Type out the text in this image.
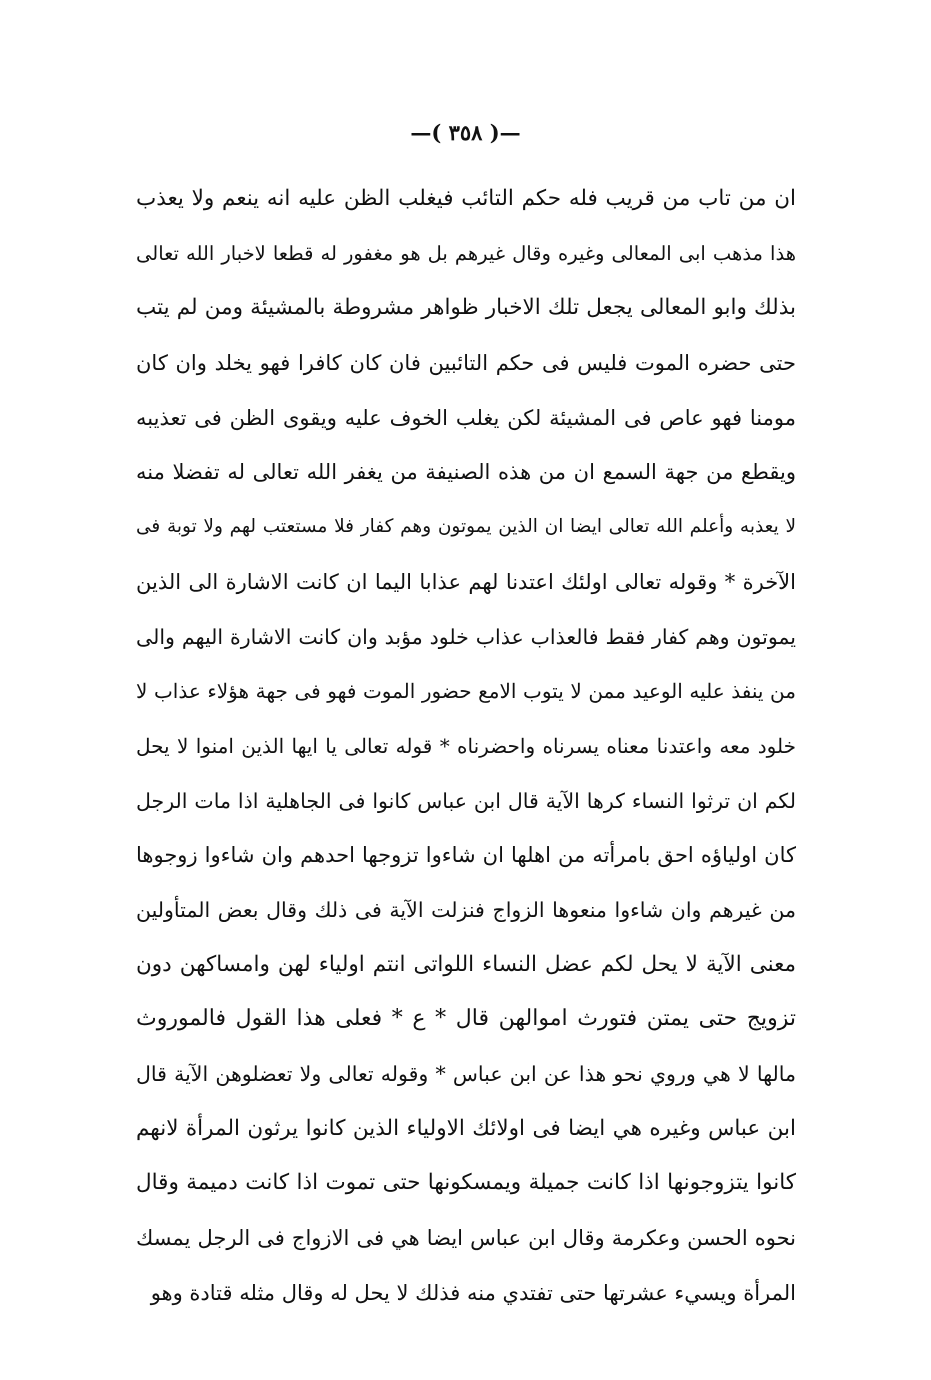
—( ٣٥٨ )—
ان من تاب من قريب فله حكم التائب فيغلب الظن عليه انه ينعم ولا يعذب
هذا مذهب ابى المعالى وغيره وقال غيرهم بل هو مغفور له قطعا لاخبار الله تعالى
بذلك وابو المعالى يجعل تلك الاخبار ظواهر مشروطة بالمشيئة ومن لم يتب
حتى حضره الموت فليس فى حكم التائبين فان كان كافرا فهو يخلد وان كان
مومنا فهو عاص فى المشيئة لكن يغلب الخوف عليه ويقوى الظن فى تعذيبه
ويقطع من جهة السمع ان من هذه الصنيفة من يغفر الله تعالى له تفضلا منه
لا يعذبه وأعلم الله تعالى ايضا ان الذين يموتون وهم كفار فلا مستعتب لهم ولا توبة فى
الآخرة * وقوله تعالى اولئك اعتدنا لهم عذابا اليما ان كانت الاشارة الى الذين
يموتون وهم كفار فقط فالعذاب عذاب خلود مؤبد وان كانت الاشارة اليهم والى
من ينفذ عليه الوعيد ممن لا يتوب الامع حضور الموت فهو فى جهة هؤلاء عذاب لا
خلود معه واعتدنا معناه يسرناه واحضرناه * قوله تعالى يا ايها الذين امنوا لا يحل
لكم ان ترثوا النساء كرها الآية قال ابن عباس كانوا فى الجاهلية اذا مات الرجل
كان اولياؤه احق بامرأته من اهلها ان شاءوا تزوجها احدهم وان شاءوا زوجوها
من غيرهم وان شاءوا منعوها الزواج فنزلت الآية فى ذلك وقال بعض المتأولين
معنى الآية لا يحل لكم عضل النساء اللواتى انتم اولياء لهن وامساكهن دون
تزويج حتى يمتن فتورث اموالهن قال * ع * فعلى هذا القول فالموروث
مالها لا هي وروي نحو هذا عن ابن عباس * وقوله تعالى ولا تعضلوهن الآية قال
ابن عباس وغيره هي ايضا فى اولائك الاولياء الذين كانوا يرثون المرأة لانهم
كانوا يتزوجونها اذا كانت جميلة ويمسكونها حتى تموت اذا كانت دميمة وقال
نحوه الحسن وعكرمة وقال ابن عباس ايضا هي فى الازواج فى الرجل يمسك
المرأة ويسيء عشرتها حتى تفتدي منه فذلك لا يحل له وقال مثله قتادة وهو
